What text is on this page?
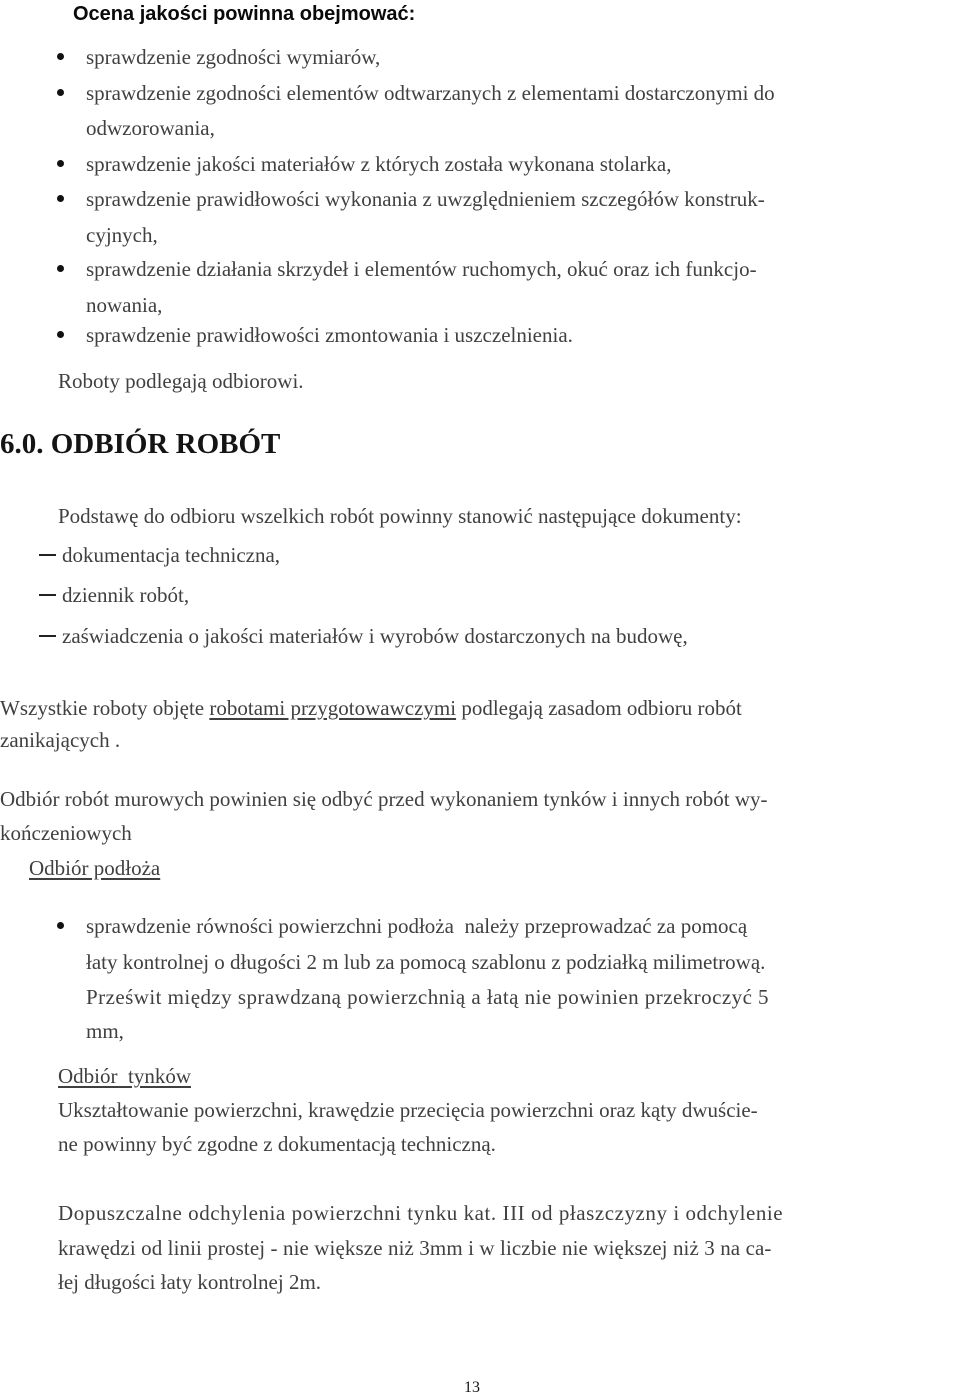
Ocena jakości powinna obejmować:
sprawdzenie zgodności wymiarów,
sprawdzenie zgodności elementów odtwarzanych z elementami dostarczonymi do
odwzorowania,
sprawdzenie jakości materiałów z których została wykonana stolarka,
sprawdzenie prawidłowości wykonania z uwzględnieniem szczegółów konstruk-
cyjnych,
sprawdzenie działania skrzydeł i elementów ruchomych, okuć oraz ich funkcjo-
nowania,
sprawdzenie prawidłowości zmontowania i uszczelnienia.
Roboty podlegają odbiorowi.
6.0. ODBIÓR ROBÓT
Podstawę do odbioru wszelkich robót powinny stanowić następujące dokumenty:
dokumentacja techniczna,
dziennik robót,
zaświadczenia o jakości materiałów i wyrobów dostarczonych na budowę,
Wszystkie roboty objęte robotami przygotowawczymi podlegają zasadom odbioru robót
zanikających .
Odbiór robót murowych powinien się odbyć przed wykonaniem tynków i innych robót wy-
kończeniowych
Odbiór podłoża
sprawdzenie równości powierzchni podłoża  należy przeprowadzać za pomocą
łaty kontrolnej o długości 2 m lub za pomocą szablonu z podziałką milimetrową.
Prześwit między sprawdzaną powierzchnią a łatą nie powinien przekroczyć 5
mm,
Odbiór  tynków
Ukształtowanie powierzchni, krawędzie przecięcia powierzchni oraz kąty dwuście-
ne powinny być zgodne z dokumentacją techniczną.
Dopuszczalne odchylenia powierzchni tynku kat. III od płaszczyzny i odchylenie
krawędzi od linii prostej - nie większe niż 3mm i w liczbie nie większej niż 3 na ca-
łej długości łaty kontrolnej 2m.
13
